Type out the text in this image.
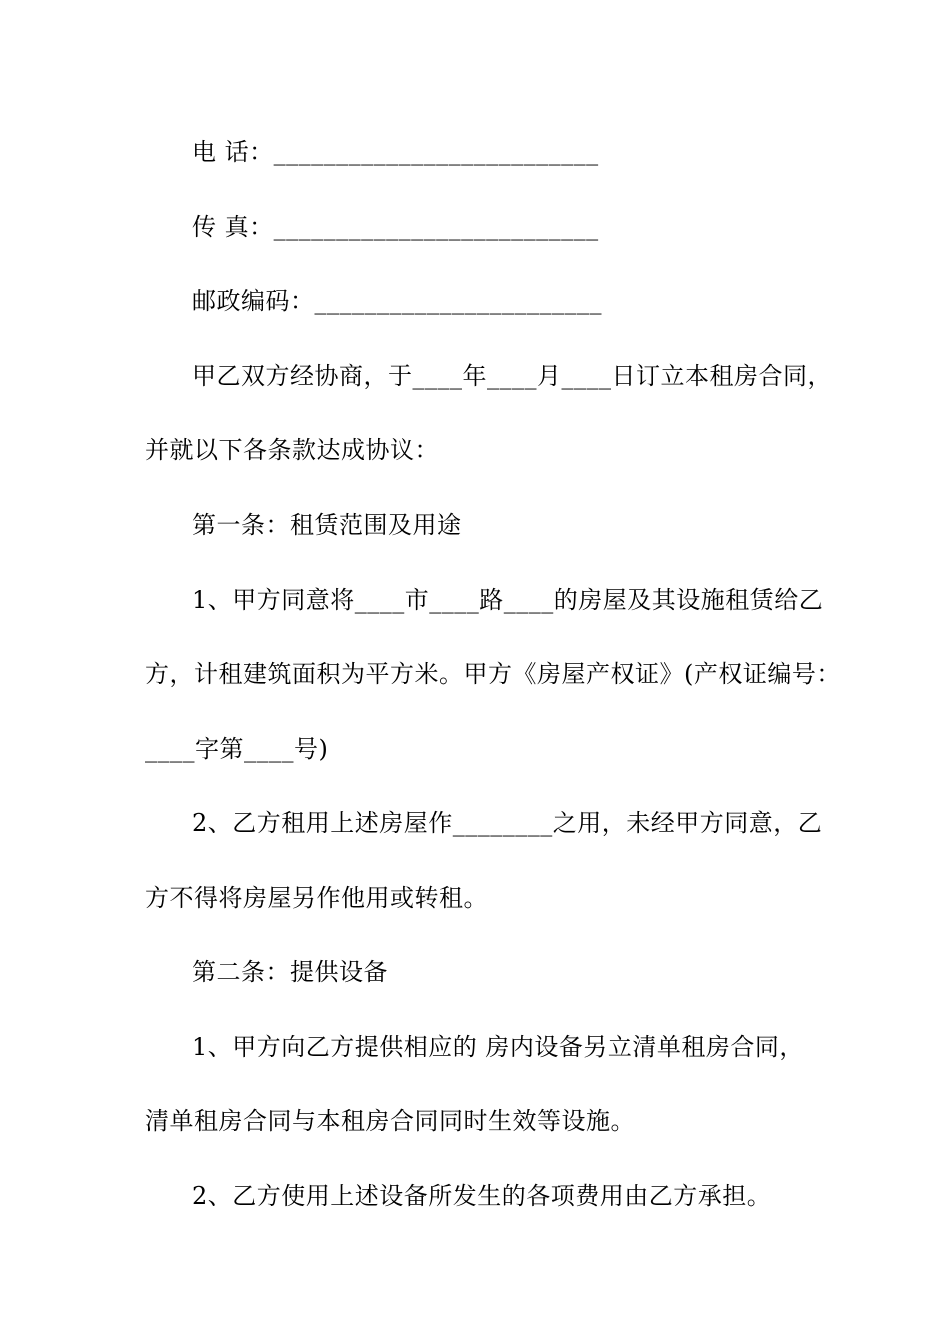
电 话：__________________________
传 真：__________________________
邮政编码：_______________________
甲乙双方经协商，于____年____月____日订立本租房合同，
并就以下各条款达成协议：
第一条：租赁范围及用途
1、甲方同意将____市____路____的房屋及其设施租赁给乙
方，计租建筑面积为平方米。甲方《房屋产权证》(产权证编号：
____字第____号)
2、乙方租用上述房屋作________之用，未经甲方同意，乙
方不得将房屋另作他用或转租。
第二条：提供设备
1、甲方向乙方提供相应的 房内设备另立清单租房合同，
清单租房合同与本租房合同同时生效等设施。
2、乙方使用上述设备所发生的各项费用由乙方承担。
